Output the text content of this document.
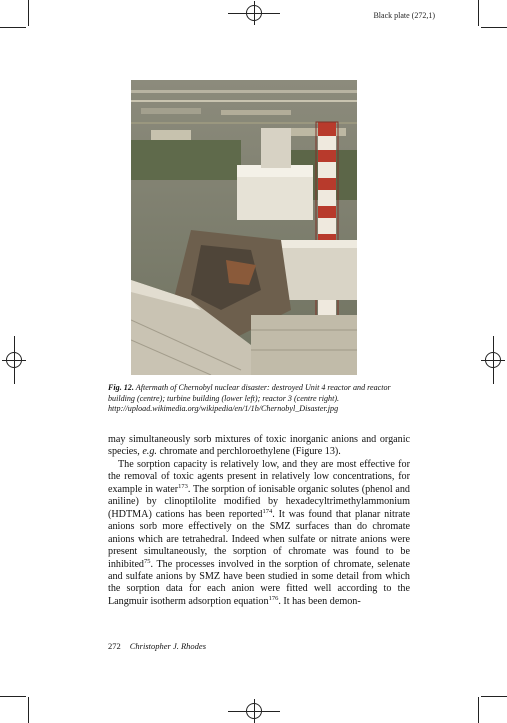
Black plate (272,1)
Fig. 12. Aftermath of Chernobyl nuclear disaster: destroyed Unit 4 reactor and reactor building (centre); turbine building (lower left); reactor 3 (centre right). http://upload.wikimedia.org/wikipedia/en/1/1b/Chernobyl_Disaster.jpg

may simultaneously sorb mixtures of toxic inorganic anions and organic species, e.g. chromate and perchloroethylene (Figure 13).

The sorption capacity is relatively low, and they are most effective for the removal of toxic agents present in relatively low concentrations, for example in water$^{173}$. The sorption of ionisable organic solutes (phenol and aniline) by clinoptilolite modified by hexadecyltrimethylammonium (HDTMA) cations has been reported$^{174}$. It was found that planar nitrate anions sorb more effectively on the SMZ surfaces than do chromate anions which are tetrahedral. Indeed when sulfate or nitrate anions were present simultaneously, the sorption of chromate was found to be inhibited$^{75}$. The processes involved in the sorption of chromate, selenate and sulfate anions by SMZ have been studied in some detail from which the sorption data for each anion were fitted well according to the Langmuir isotherm adsorption equation$^{176}$. It has been demon-

272 Christopher J. Rhodes
